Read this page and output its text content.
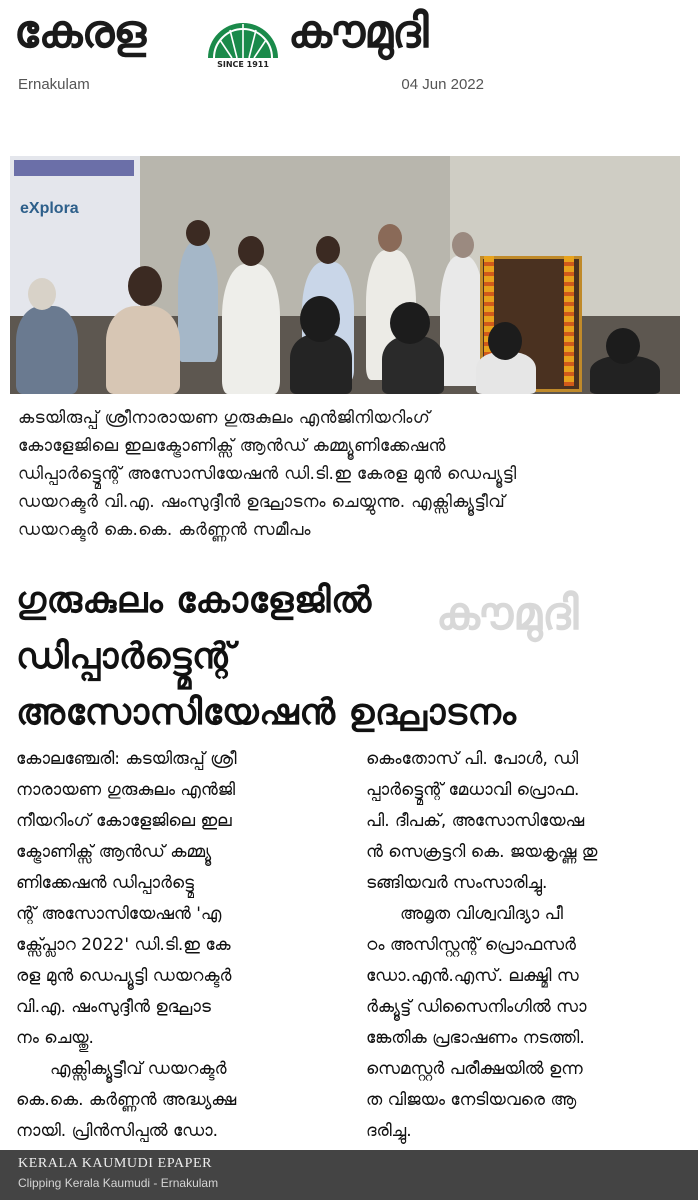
കേരള
SINCE 1911
കൗമുദി
Ernakulam	04 Jun 2022
eXplora
കടയിരുപ്പ് ശ്രീനാരായണ ഗുരുകുലം എൻജിനിയറിംഗ്
കോളേജിലെ ഇലക്ട്രോണിക്സ് ആൻഡ് കമ്മ്യൂണിക്കേഷൻ
ഡിപ്പാർട്ട്മെന്റ് അസോസിയേഷൻ ഡി.ടി.ഇ കേരള മുൻ ഡെപ്യൂട്ടി
ഡയറക്ടർ വി.എ. ഷംസുദ്ദീൻ ഉദ്ഘാടനം ചെയ്യുന്നു. എക്സിക്യൂട്ടീവ്
ഡയറക്ടർ കെ.കെ. കർണ്ണൻ സമീപം
കൗമുദി
ഗുരുകുലം കോളേജിൽ
ഡിപ്പാർട്ട്മെന്റ്
അസോസിയേഷൻ ഉദ്ഘാടനം
കോലഞ്ചേരി: കടയിരുപ്പ് ശ്രീ
നാരായണ ഗുരുകുലം എൻജി
നീയറിംഗ് കോളേജിലെ ഇല
ക്ട്രോണിക്സ് ആൻഡ് കമ്മ്യൂ
ണിക്കേഷൻ ഡിപ്പാർട്ട്മെ
ന്റ് അസോസിയേഷൻ 'എ
ക്സ്പ്ലോറ 2022' ഡി.ടി.ഇ കേ
രള മുൻ ഡെപ്യൂട്ടി ഡയറക്ടർ
വി.എ. ഷംസുദ്ദീൻ ഉദ്ഘാട
നം ചെയ്തു.
എക്സിക്യൂട്ടീവ് ഡയറക്ടർ
കെ.കെ. കർണ്ണൻ അദ്ധ്യക്ഷ
നായി. പ്രിൻസിപ്പൽ ഡോ.
കെംതോസ് പി. പോൾ, ഡി
പ്പാർട്ട്മെന്റ് മേധാവി പ്രൊഫ.
പി. ദീപക്, അസോസിയേഷ
ൻ സെക്രട്ടറി കെ. ജയകൃഷ്ണ തു
ടങ്ങിയവർ സംസാരിച്ചു.
അമൃത വിശ്വവിദ്യാ പീ
ഠം അസിസ്റ്റന്റ് പ്രൊഫസർ
ഡോ.എൻ.എസ്. ലക്ഷ്മി സ
ർക്യൂട്ട് ഡിസൈനിംഗിൽ സാ
ങ്കേതിക പ്രഭാഷണം നടത്തി.
സെമസ്റ്റർ പരീക്ഷയിൽ ഉന്ന
ത വിജയം നേടിയവരെ ആ
ദരിച്ചു.
KERALA KAUMUDI EPAPER
Clipping Kerala Kaumudi - Ernakulam
